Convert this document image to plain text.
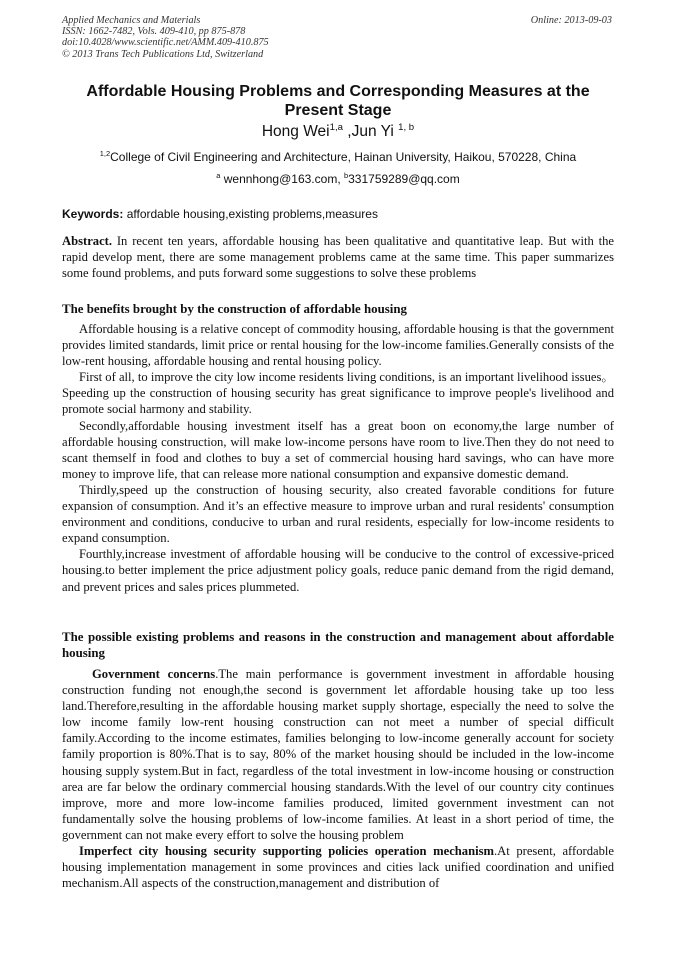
Applied Mechanics and Materials
ISSN: 1662-7482, Vols. 409-410, pp 875-878
doi:10.4028/www.scientific.net/AMM.409-410.875
© 2013 Trans Tech Publications Ltd, Switzerland
Online: 2013-09-03
Affordable Housing Problems and Corresponding Measures at the Present Stage
Hong Wei$^{1,a}$ ,Jun Yi $^{1, b}$
$^{1,2}$College of Civil Engineering and Architecture, Hainan University, Haikou, 570228, China
$^a$ wennhong@163.com, $^b$331759289@qq.com
Keywords: affordable housing,existing problems,measures

Abstract. In recent ten years, affordable housing has been qualitative and quantitative leap. But with the rapid develop ment, there are some management problems came at the same time. This paper summarizes some found problems, and puts forward some suggestions to solve these problems

The benefits brought by the construction of affordable housing

Affordable housing is a relative concept of commodity housing, affordable housing is that the government provides limited standards, limit price or rental housing for the low-income families.Generally consists of the low-rent housing, affordable housing and rental housing policy.

First of all, to improve the city low income residents living conditions, is an important livelihood issues。 Speeding up the construction of housing security has great significance to improve people's livelihood and promote social harmony and stability.

Secondly,affordable housing investment itself has a great boon on economy,the large number of affordable housing construction, will make low-income persons have room to live.Then they do not need to scant themself in food and clothes to buy a set of commercial housing hard savings, who can have more money to improve life, that can release more national consumption and expansive domestic demand.

Thirdly,speed up the construction of housing security, also created favorable conditions for future expansion of consumption. And it’s an effective measure to improve urban and rural residents' consumption environment and conditions, conducive to urban and rural residents, especially for low-income residents to expand consumption.

Fourthly,increase investment of affordable housing will be conducive to the control of excessive-priced housing.to better implement the price adjustment policy goals, reduce panic demand from the rigid demand, and prevent prices and sales prices plummeted.

The possible existing problems and reasons in the construction and management about affordable housing

Government concerns.The main performance is government investment in affordable housing construction funding not enough,the second is government let affordable housing take up too less land.Therefore,resulting in the affordable housing market supply shortage, especially the need to solve the low income family low-rent housing construction can not meet a number of special difficult family.According to the income estimates, families belonging to low-income generally account for society family proportion is 80%.That is to say, 80% of the market housing should be included in the low-income housing supply system.But in fact, regardless of the total investment in low-income housing or construction area are far below the ordinary commercial housing standards.With the level of our country city continues improve, more and more low-income families produced, limited government investment can not fundamentally solve the housing problems of low-income families. At least in a short period of time, the government can not make every effort to solve the housing problem

Imperfect city housing security supporting policies operation mechanism.At present, affordable housing implementation management in some provinces and cities lack unified coordination and unified mechanism.All aspects of the construction,management and distribution of
